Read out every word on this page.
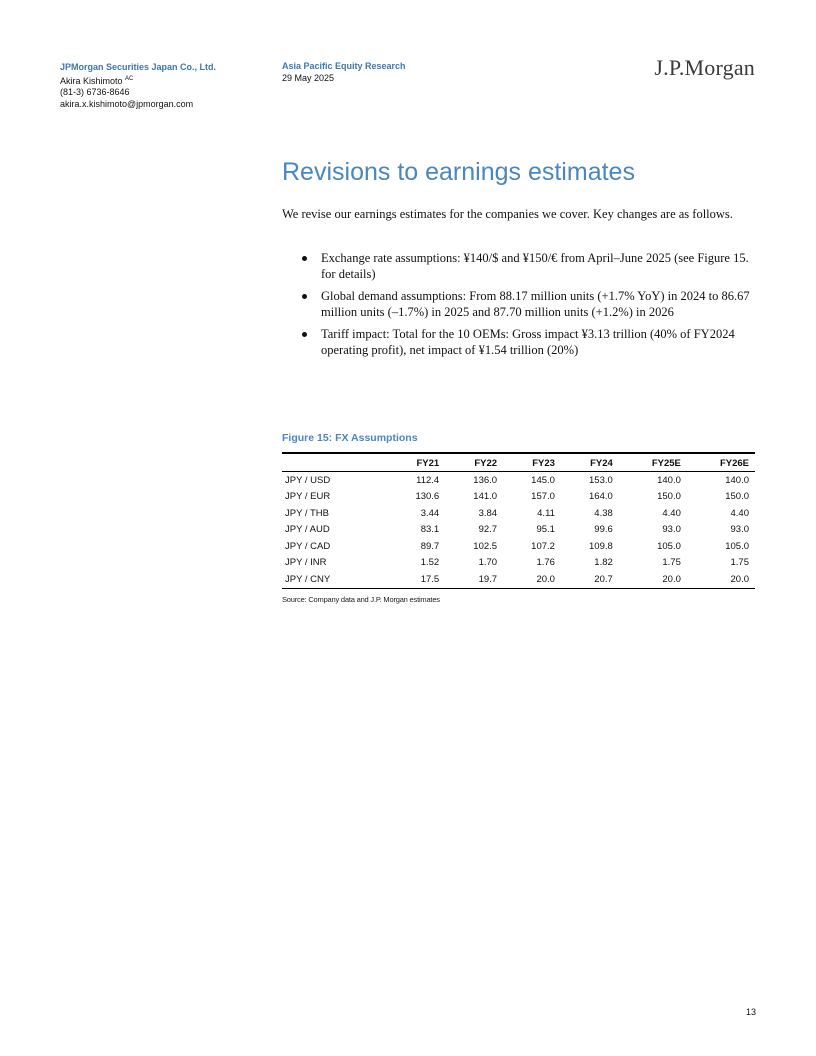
JPMorgan Securities Japan Co., Ltd.
Akira Kishimoto $^{AC}$
(81-3) 6736-8646
akira.x.kishimoto@jpmorgan.com
Asia Pacific Equity Research
29 May 2025	J.P.Morgan
Revisions to earnings estimates

We revise our earnings estimates for the companies we cover. Key changes are as follows.

Exchange rate assumptions: ¥140/$ and ¥150/€ from April–June 2025 (see Figure 15. for details)
Global demand assumptions: From 88.17 million units (+1.7% YoY) in 2024 to 86.67 million units (–1.7%) in 2025 and 87.70 million units (+1.2%) in 2026
Tariff impact: Total for the 10 OEMs: Gross impact ¥3.13 trillion (40% of FY2024 operating profit), net impact of ¥1.54 trillion (20%)
Figure 15: FX Assumptions
	FY21	FY22	FY23	FY24	FY25E	FY26E
JPY / USD	112.4	136.0	145.0	153.0	140.0	140.0
JPY / EUR	130.6	141.0	157.0	164.0	150.0	150.0
JPY / THB	3.44	3.84	4.11	4.38	4.40	4.40
JPY / AUD	83.1	92.7	95.1	99.6	93.0	93.0
JPY / CAD	89.7	102.5	107.2	109.8	105.0	105.0
JPY / INR	1.52	1.70	1.76	1.82	1.75	1.75
JPY / CNY	17.5	19.7	20.0	20.7	20.0	20.0
Source: Company data and J.P. Morgan estimates
13
